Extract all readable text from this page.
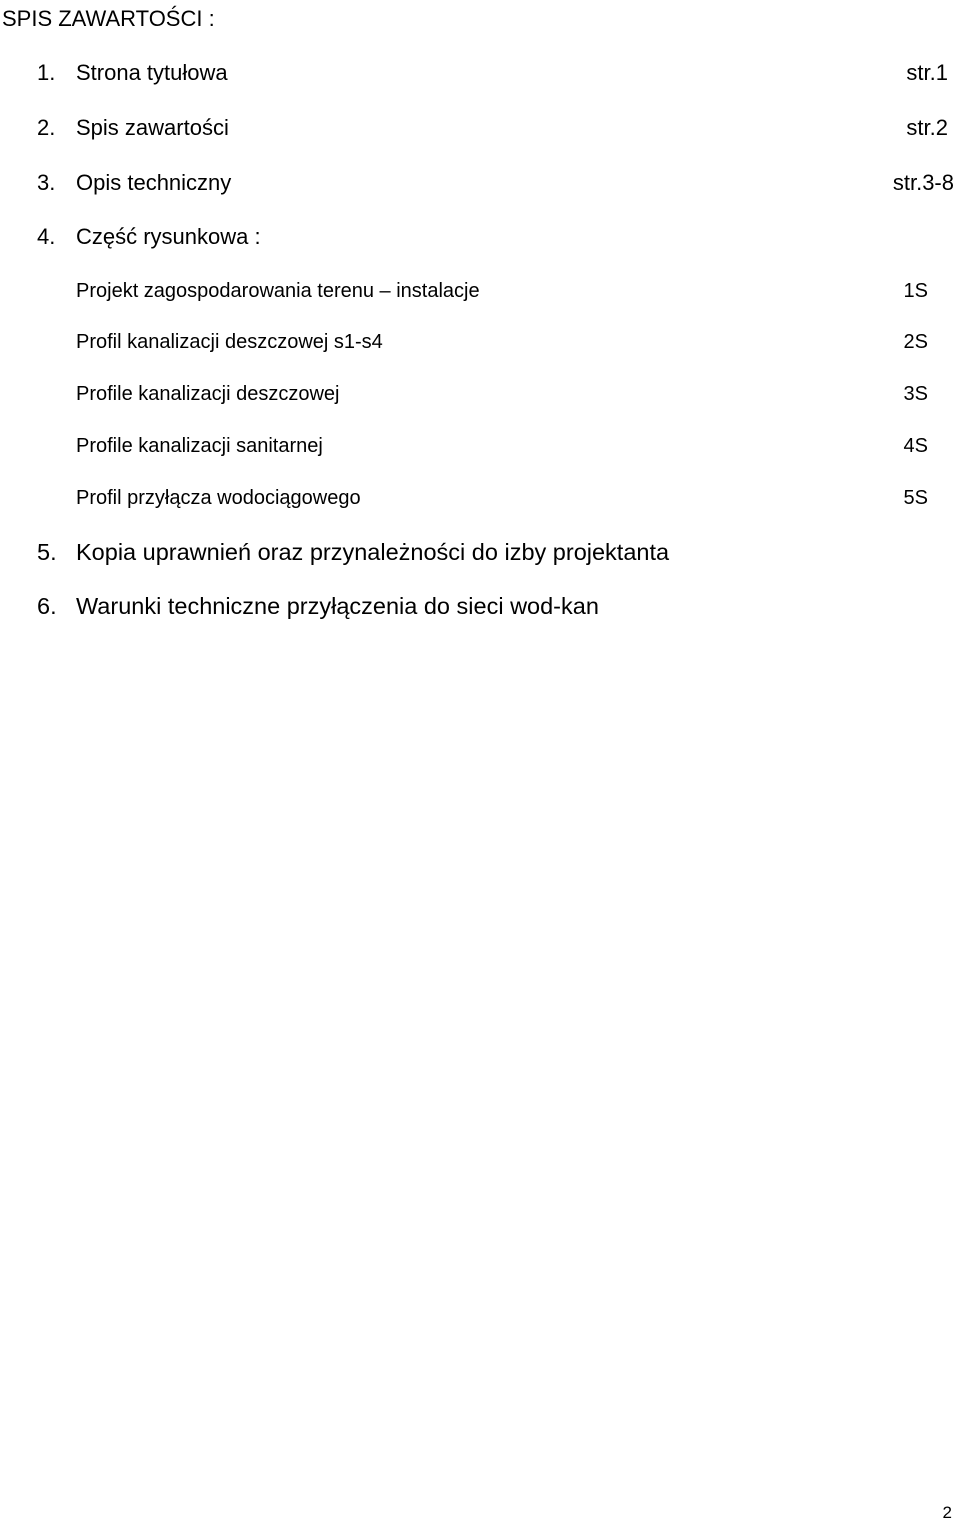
SPIS ZAWARTOŚCI :
1. Strona tytułowa	str.1
2. Spis zawartości	str.2
3. Opis techniczny	str.3-8
4. Część rysunkowa :
Projekt zagospodarowania terenu – instalacje	1S
Profil kanalizacji deszczowej s1-s4	2S
Profile kanalizacji deszczowej	3S
Profile kanalizacji sanitarnej	4S
Profil przyłącza wodociągowego	5S
5. Kopia uprawnień oraz przynależności do izby projektanta
6. Warunki techniczne przyłączenia do sieci wod-kan
2
